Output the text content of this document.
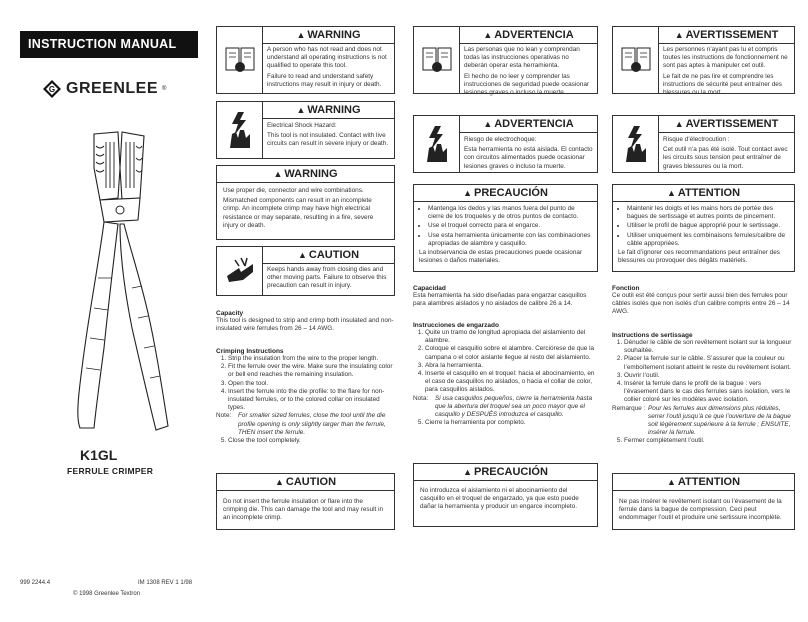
INSTRUCTION MANUAL
G GREENLEE ®
K1GL
FERRULE CRIMPER
999 2244.4	IM 1308 REV 1 1/98
© 1998 Greenlee Textron
▲ WARNING

A person who has not read and does not understand all operating instructions is not qualified to operate this tool.

Failure to read and understand safety instructions may result in injury or death.

▲ WARNING

Electrical Shock Hazard:

This tool is not insulated. Contact with live circuits can result in severe injury or death.

▲ WARNING

Use proper die, connector and wire combinations.

Mismatched components can result in an incomplete crimp. An incomplete crimp may have high electrical resistance or may separate, resulting in a fire, severe injury or death.

▲ CAUTION
Keeps hands away from closing dies and other moving parts. Failure to observe this precaution can result in injury.
Capacity
This tool is designed to strip and crimp both insulated and non-insulated wire ferrules from 26 – 14 AWG.
Crimping Instructions
1. Strip the insulation from the wire to the proper length.
2. Fit the ferrule over the wire. Make sure the insulating color or bell end reaches the remaining insulation.
3. Open the tool.
4. Insert the ferrule into the die profile: to the flare for non-insulated ferrules, or to the colored collar on insulated types.
Note:	For smaller sized ferrules, close the tool until the die profile opening is only slightly larger than the ferrule, THEN insert the ferrule.
5. Close the tool completely.
▲ CAUTION
Do not insert the ferrule insulation or flare into the crimping die. This can damage the tool and may result in an incomplete crimp.
▲ ADVERTENCIA

Las personas que no lean y comprendan todas las instrucciones operativas no deberán operar esta herramienta.

El hecho de no leer y comprender las instrucciones de seguridad puede ocasionar lesiones graves o incluso la muerte.

▲ ADVERTENCIA

Riesgo de electrochoque:

Esta herramienta no está aislada. El contacto con circuitos alimentados puede ocasionar lesiones graves o incluso la muerte.

▲ PRECAUCIÓN
• Mantenga los dedos y las manos fuera del punto de cierre de los troqueles y de otros puntos de contacto.
• Use el troquel correcto para el engarce.
• Use esta herramienta únicamente con las combinaciones apropiadas de alambre y casquillo.
La inobservancia de estas precauciones puede ocasionar lesiones o daños materiales.
Capacidad
Esta herramienta ha sido diseñadas para engarzar casquillos para alambres aislados y no aislados de calibre 26 a 14.
Instrucciones de engarzado
1. Quite un tramo de longitud apropiada del aislamiento del alambre.
2. Coloque el casquillo sobre el alambre. Cerciórese de que la campana o el color aislante llegue al resto del aislamiento.
3. Abra la herramienta.
4. Inserte el casquillo en el troquel: hacia el abocinamiento, en el caso de casquillos no aislados, o hacia el collar de color, para casquillos aislados.
Nota:	Si usa casquillos pequeños, cierre la herramienta hasta que la abertura del troquel sea un poco mayor que el casquillo y DESPUÉS introduzca el casquillo.
5. Cierre la herramienta por completo.
▲ PRECAUCIÓN
No introduzca el aislamiento ni el abocinamiento del casquillo en el troquel de engarzado, ya que esto puede dañar la herramienta y producir un engarce incompleto.
▲ AVERTISSEMENT

Les personnes n’ayant pas lu et compris toutes les instructions de fonctionnement ne sont pas aptes à manipuler cet outil.

Le fait de ne pas lire et comprendre les instructions de sécurité peut entraîner des blessures ou la mort.

▲ AVERTISSEMENT

Risque d’électrocution :

Cet outil n’a pas été isolé. Tout contact avec les circuits sous tension peut entraîner de graves blessures ou la mort.

▲ ATTENTION
• Maintenir les doigts et les mains hors de portée des bagues de sertissage et autres points de pincement.
• Utiliser le profil de bague approprié pour le sertissage.
• Utiliser uniquement les combinaisons ferrules/calibre de câble appropriées.
Le fait d’ignorer ces recommandations peut entraîner des blessures ou provoquer des dégâts matériels.
Fonction
Ce outil est été conçus pour sertir aussi bien des ferrules pour câbles isolés que non isolés d’un calibre compris entre 26 – 14 AWG.
Instructions de sertissage
1. Dénuder le câble de son revêtement isolant sur la longueur souhaitée.
2. Placer la ferrule sur le câble. S’assurer que la couleur ou l’emboîtement isolant atteint le reste du revêtement isolant.
3. Ouvrir l’outil.
4. Insérer la ferrule dans le profil de la bague : vers l’évasement dans le cas des ferrules sans isolation, vers le collier coloré sur les modèles avec isolation.
Remarque : Pour les ferrules aux dimensions plus réduites, serrer l’outil jusqu’à ce que l’ouverture de la bague soit légèrement supérieure à la ferrule ; ENSUITE, insérer la ferrule.
5. Fermer complètement l’outil.
▲ ATTENTION
Ne pas insérer le revêtement isolant ou l’évasement de la ferrule dans la bague de compression. Ceci peut endommager l’outil et produire une sertissure incomplète.
